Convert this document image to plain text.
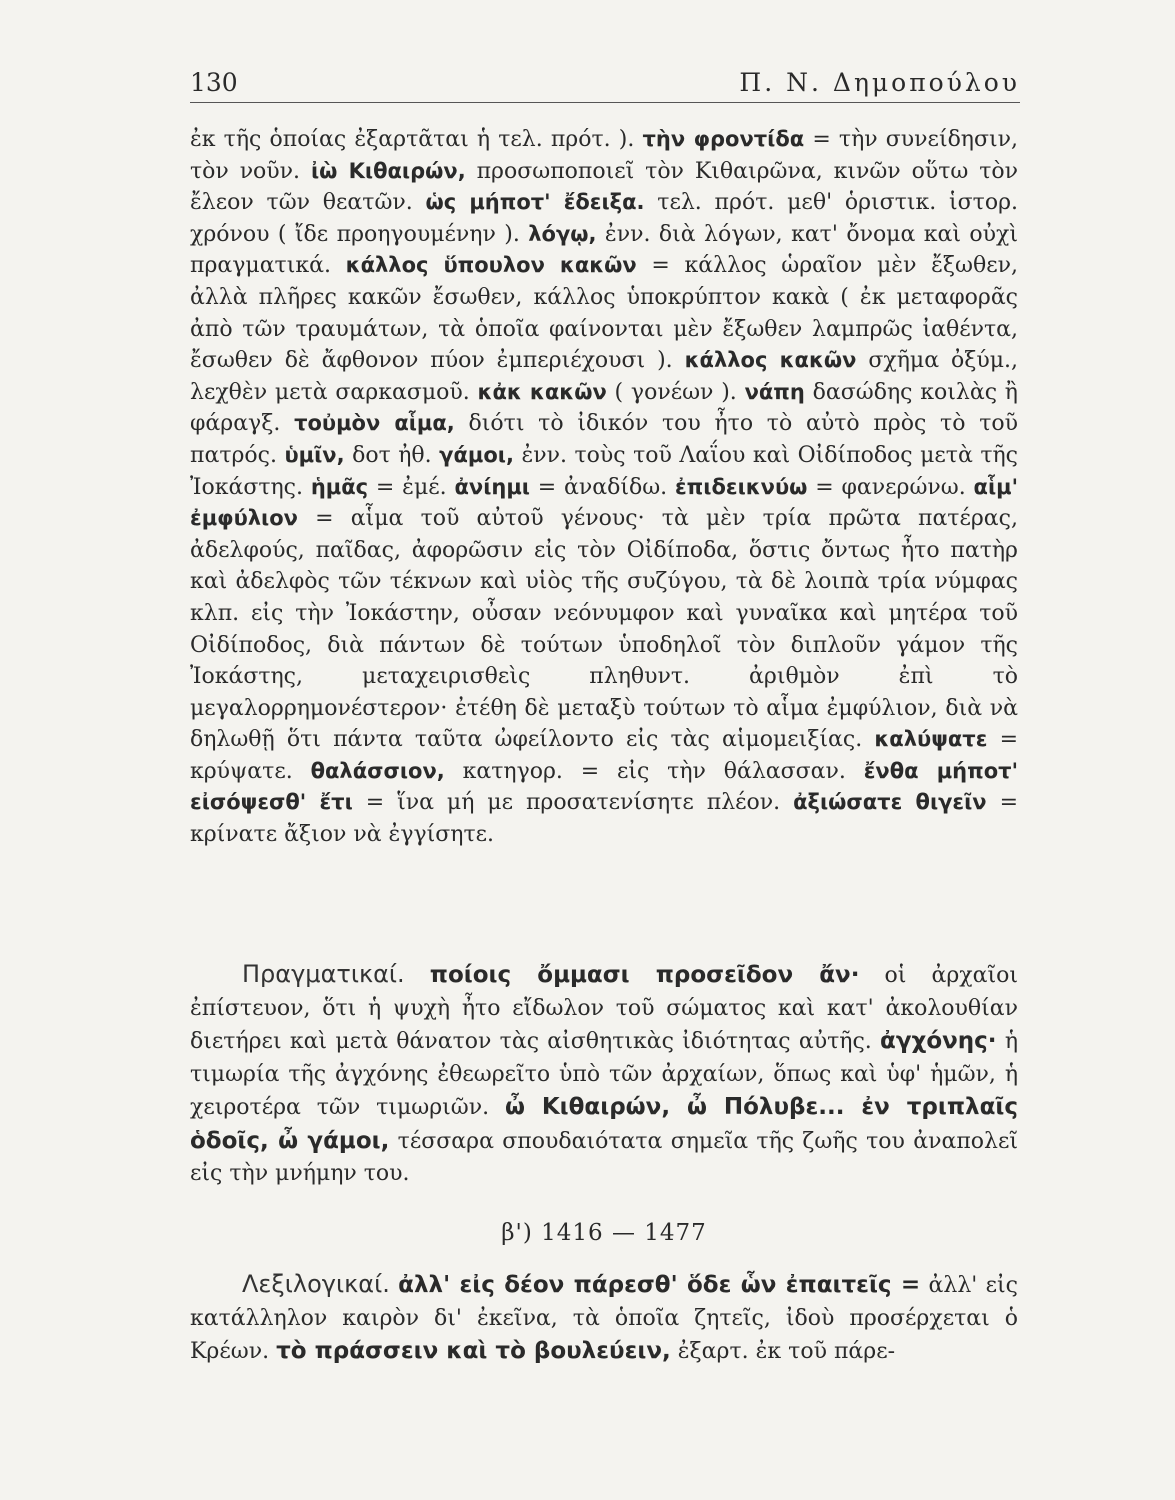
130	Π. Ν. Δημοπούλου

ἐκ τῆς ὁποίας ἐξαρτᾶται ἡ τελ. πρότ. ). τὴν φροντίδα = τὴν συνείδησιν, τὸν νοῦν. ἰὼ Κιθαιρών, προσωποποιεῖ τὸν Κιθαιρῶνα, κινῶν οὕτω τὸν ἔλεον τῶν θεατῶν. ὡς μήποτ' ἔδειξα. τελ. πρότ. μεθ' ὁριστικ. ἱστορ. χρόνου ( ἴδε προηγουμένην ). λόγῳ, ἐνν. διὰ λόγων, κατ' ὄνομα καὶ οὐχὶ πραγματικά. κάλλος ὕπουλον κακῶν = κάλλος ὡραῖον μὲν ἔξωθεν, ἀλλὰ πλῆρες κακῶν ἔσωθεν, κάλλος ὑποκρύπτον κακὰ ( ἐκ μεταφορᾶς ἀπὸ τῶν τραυμάτων, τὰ ὁποῖα φαίνονται μὲν ἔξωθεν λαμπρῶς ἰαθέντα, ἔσωθεν δὲ ἄφθονον πύον ἐμπεριέχουσι ). κάλλος κακῶν σχῆμα ὀξύμ., λεχθὲν μετὰ σαρκασμοῦ. κἀκ κακῶν ( γονέων ). νάπη δασώδης κοιλὰς ἢ φάραγξ. τοὐμὸν αἷμα, διότι τὸ ἰδικόν του ἦτο τὸ αὐτὸ πρὸς τὸ τοῦ πατρός. ὑμῖν, δοτ ἠθ. γάμοι, ἐνν. τοὺς τοῦ Λαΐου καὶ Οἰδίποδος μετὰ τῆς Ἰοκάστης. ἡμᾶς = ἐμέ. ἀνίημι = ἀναδίδω. ἐπιδεικνύω = φανερώνω. αἷμ' ἐμφύλιον = αἷμα τοῦ αὐτοῦ γένους· τὰ μὲν τρία πρῶτα πατέρας, ἀδελφούς, παῖδας, ἀφορῶσιν εἰς τὸν Οἰδίποδα, ὅστις ὄντως ἦτο πατὴρ καὶ ἀδελφὸς τῶν τέκνων καὶ υἱὸς τῆς συζύγου, τὰ δὲ λοιπὰ τρία νύμφας κλπ. εἰς τὴν Ἰοκάστην, οὖσαν νεόνυμφον καὶ γυναῖκα καὶ μητέρα τοῦ Οἰδίποδος, διὰ πάντων δὲ τούτων ὑποδηλοῖ τὸν διπλοῦν γάμον τῆς Ἰοκάστης, μεταχειρισθεὶς πληθυντ. ἀριθμὸν ἐπὶ τὸ μεγαλορρημονέστερον· ἐτέθη δὲ μεταξὺ τούτων τὸ αἷμα ἐμφύλιον, διὰ νὰ δηλωθῇ ὅτι πάντα ταῦτα ὠφείλοντο εἰς τὰς αἱμομειξίας. καλύψατε = κρύψατε. θαλάσσιον, κατηγορ. = εἰς τὴν θάλασσαν. ἔνθα μήποτ' εἰσόψεσθ' ἔτι = ἵνα μή με προσατενίσητε πλέον. ἀξιώσατε θιγεῖν = κρίνατε ἄξιον νὰ ἐγγίσητε.

Πραγματικαί. ποίοις ὄμμασι προσεῖδον ἄν· οἱ ἀρχαῖοι ἐπίστευον, ὅτι ἡ ψυχὴ ἦτο εἴδωλον τοῦ σώματος καὶ κατ' ἀκολουθίαν διετήρει καὶ μετὰ θάνατον τὰς αἰσθητικὰς ἰδιότητας αὐτῆς. ἀγχόνης· ἡ τιμωρία τῆς ἀγχόνης ἐθεωρεῖτο ὑπὸ τῶν ἀρχαίων, ὅπως καὶ ὑφ' ἡμῶν, ἡ χειροτέρα τῶν τιμωριῶν. ὦ Κιθαιρών, ὦ Πόλυβε... ἐν τριπλαῖς ὁδοῖς, ὦ γάμοι, τέσσαρα σπουδαιότατα σημεῖα τῆς ζωῆς του ἀναπολεῖ εἰς τὴν μνήμην του.

β') 1416 — 1477

Λεξιλογικαί. ἀλλ' εἰς δέον πάρεσθ' ὅδε ὧν ἐπαιτεῖς = ἀλλ' εἰς κατάλληλον καιρὸν δι' ἐκεῖνα, τὰ ὁποῖα ζητεῖς, ἰδοὺ προσέρχεται ὁ Κρέων. τὸ πράσσειν καὶ τὸ βουλεύειν, ἐξαρτ. ἐκ τοῦ πάρε-
